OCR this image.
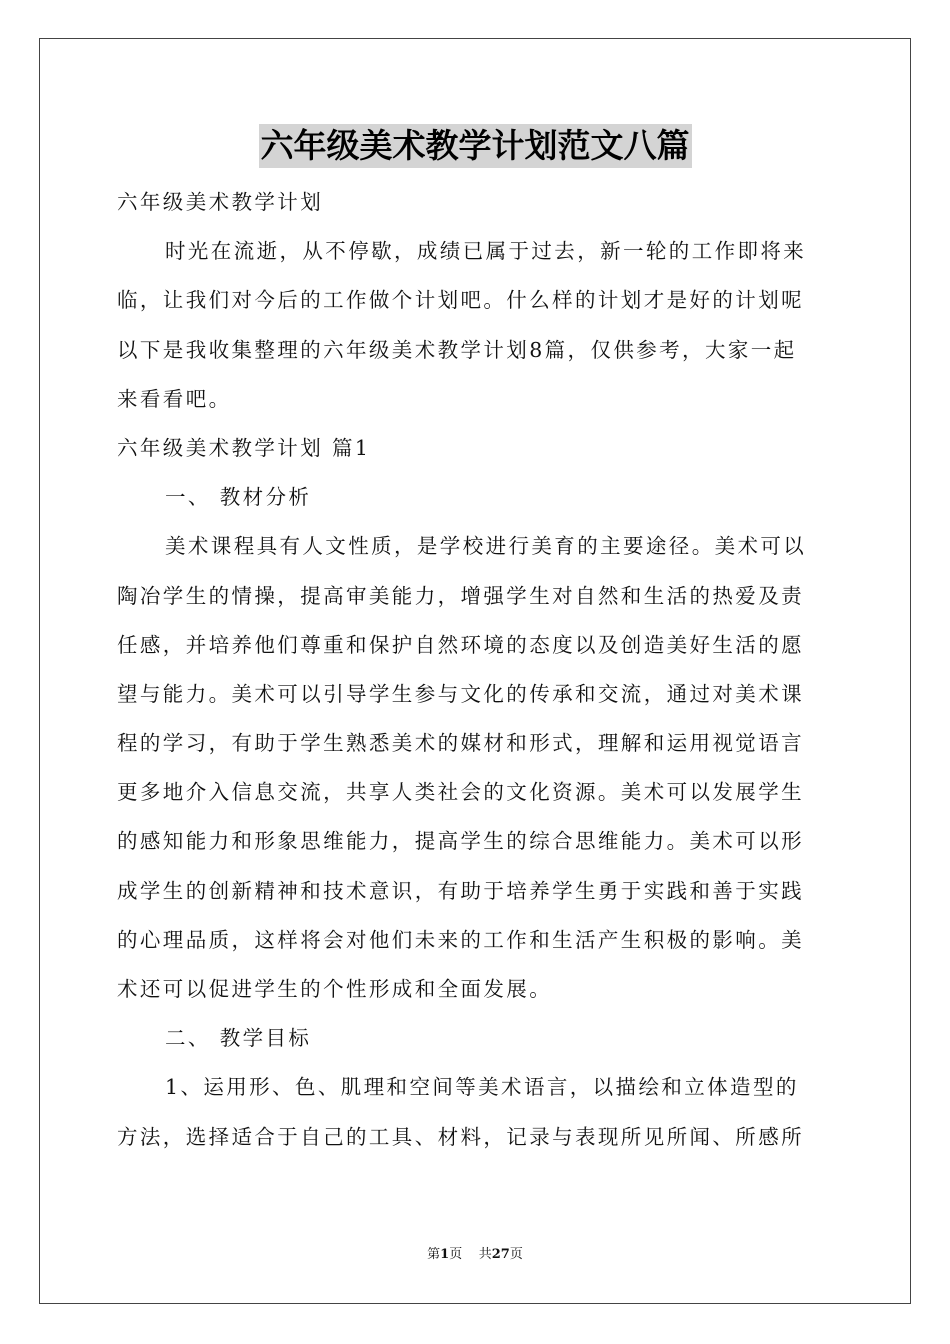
六年级美术教学计划范文八篇
六年级美术教学计划
时光在流逝，从不停歇，成绩已属于过去，新一轮的工作即将来
临，让我们对今后的工作做个计划吧。什么样的计划才是好的计划呢
以下是我收集整理的六年级美术教学计划8篇，仅供参考，大家一起
来看看吧。
六年级美术教学计划 篇1
一、 教材分析
美术课程具有人文性质，是学校进行美育的主要途径。美术可以
陶冶学生的情操，提高审美能力，增强学生对自然和生活的热爱及责
任感，并培养他们尊重和保护自然环境的态度以及创造美好生活的愿
望与能力。美术可以引导学生参与文化的传承和交流，通过对美术课
程的学习，有助于学生熟悉美术的媒材和形式，理解和运用视觉语言
更多地介入信息交流，共享人类社会的文化资源。美术可以发展学生
的感知能力和形象思维能力，提高学生的综合思维能力。美术可以形
成学生的创新精神和技术意识，有助于培养学生勇于实践和善于实践
的心理品质，这样将会对他们未来的工作和生活产生积极的影响。美
术还可以促进学生的个性形成和全面发展。
二、 教学目标
1、运用形、色、肌理和空间等美术语言，以描绘和立体造型的
方法，选择适合于自己的工具、材料，记录与表现所见所闻、所感所
第1页 共27页
